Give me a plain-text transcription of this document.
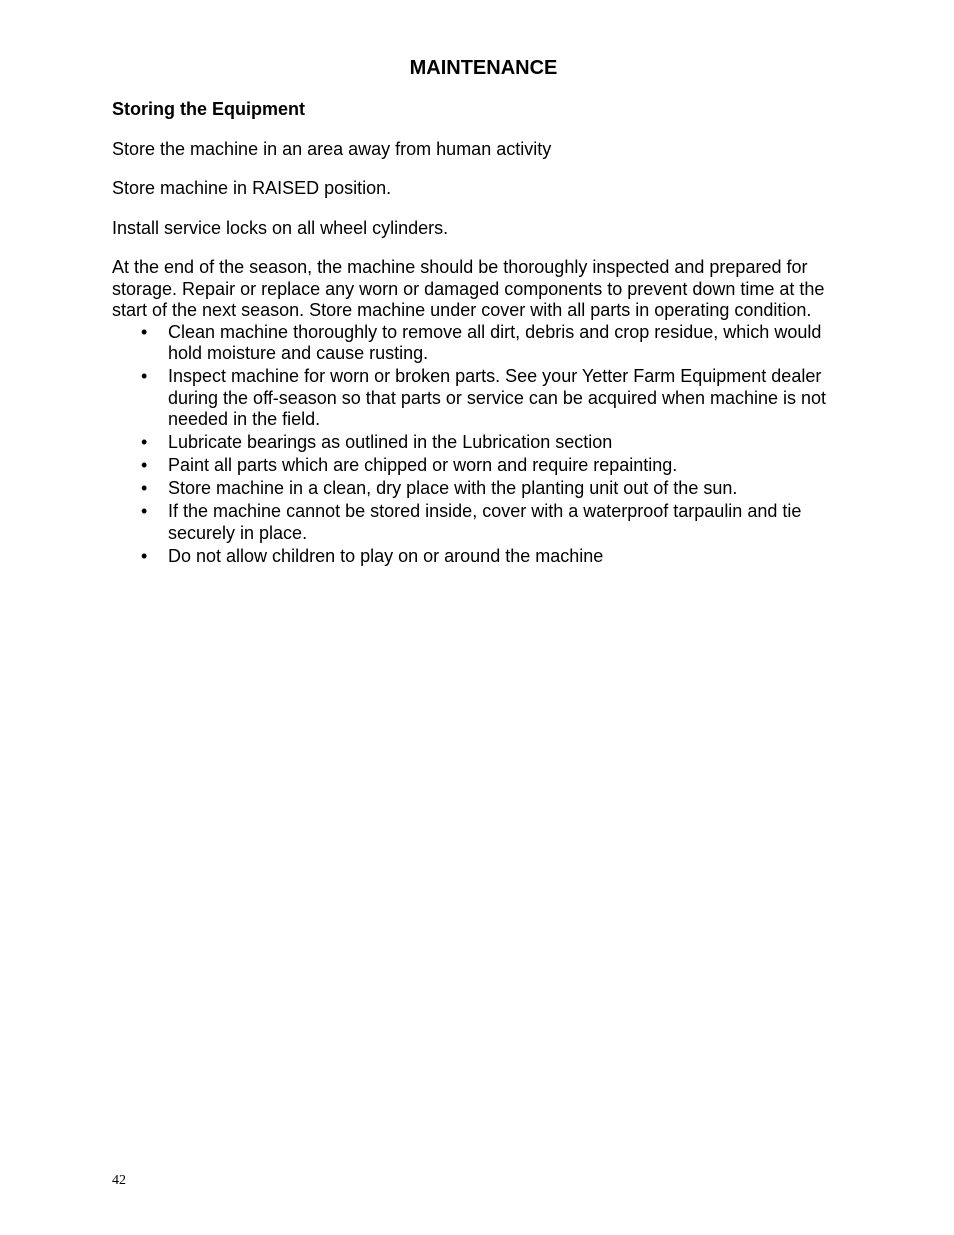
MAINTENANCE

Storing the Equipment

Store the machine in an area away from human activity

Store machine in RAISED position.

Install service locks on all wheel cylinders.

At the end of the season, the machine should be thoroughly inspected and prepared for storage. Repair or replace any worn or damaged components to prevent down time at the start of the next season. Store machine under cover with all parts in operating condition.

• Clean machine thoroughly to remove all dirt, debris and crop residue, which would hold moisture and cause rusting.
• Inspect machine for worn or broken parts. See your Yetter Farm Equipment dealer during the off-season so that parts or service can be acquired when machine is not needed in the field.
• Lubricate bearings as outlined in the Lubrication section
• Paint all parts which are chipped or worn and require repainting.
• Store machine in a clean, dry place with the planting unit out of the sun.
• If the machine cannot be stored inside, cover with a waterproof tarpaulin and tie securely in place.
• Do not allow children to play on or around the machine
42
